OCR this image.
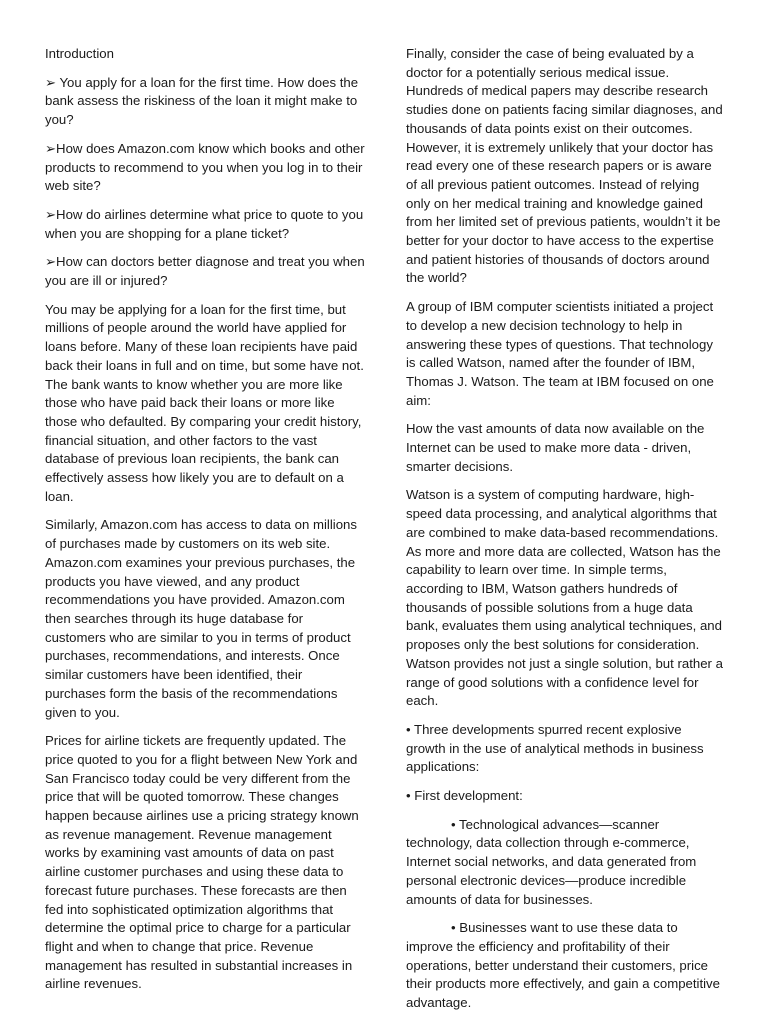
Introduction

➢ You apply for a loan for the first time. How does the bank assess the riskiness of the loan it might make to you?

➢How does Amazon.com know which books and other products to recommend to you when you log in to their web site?

➢How do airlines determine what price to quote to you when you are shopping for a plane ticket?

➢How can doctors better diagnose and treat you when you are ill or injured?

You may be applying for a loan for the first time, but millions of people around the world have applied for loans before. Many of these loan recipients have paid back their loans in full and on time, but some have not. The bank wants to know whether you are more like those who have paid back their loans or more like those who defaulted. By comparing your credit history, financial situation, and other factors to the vast database of previous loan recipients, the bank can effectively assess how likely you are to default on a loan.

Similarly, Amazon.com has access to data on millions of purchases made by customers on its web site. Amazon.com examines your previous purchases, the products you have viewed, and any product recommendations you have provided. Amazon.com then searches through its huge database for customers who are similar to you in terms of product purchases, recommendations, and interests. Once similar customers have been identified, their purchases form the basis of the recommendations given to you.

Prices for airline tickets are frequently updated. The price quoted to you for a flight between New York and San Francisco today could be very different from the price that will be quoted tomorrow. These changes happen because airlines use a pricing strategy known as revenue management. Revenue management works by examining vast amounts of data on past airline customer purchases and using these data to forecast future purchases. These forecasts are then fed into sophisticated optimization algorithms that determine the optimal price to charge for a particular flight and when to change that price. Revenue management has resulted in substantial increases in airline revenues.

Finally, consider the case of being evaluated by a doctor for a potentially serious medical issue. Hundreds of medical papers may describe research studies done on patients facing similar diagnoses, and thousands of data points exist on their outcomes. However, it is extremely unlikely that your doctor has read every one of these research papers or is aware of all previous patient outcomes. Instead of relying only on her medical training and knowledge gained from her limited set of previous patients, wouldn’t it be better for your doctor to have access to the expertise and patient histories of thousands of doctors around the world?

A group of IBM computer scientists initiated a project to develop a new decision technology to help in answering these types of questions. That technology is called Watson, named after the founder of IBM, Thomas J. Watson. The team at IBM focused on one aim:

How the vast amounts of data now available on the Internet can be used to make more data - driven, smarter decisions.

Watson is a system of computing hardware, high-speed data processing, and analytical algorithms that are combined to make data-based recommendations. As more and more data are collected, Watson has the capability to learn over time. In simple terms, according to IBM, Watson gathers hundreds of thousands of possible solutions from a huge data bank, evaluates them using analytical techniques, and proposes only the best solutions for consideration. Watson provides not just a single solution, but rather a range of good solutions with a confidence level for each.

• Three developments spurred recent explosive growth in the use of analytical methods in business applications:

• First development:

• Technological advances—scanner technology, data collection through e-commerce, Internet social networks, and data generated from personal electronic devices—produce incredible amounts of data for businesses.

• Businesses want to use these data to improve the efficiency and profitability of their operations, better understand their customers, price their products more effectively, and gain a competitive advantage.
